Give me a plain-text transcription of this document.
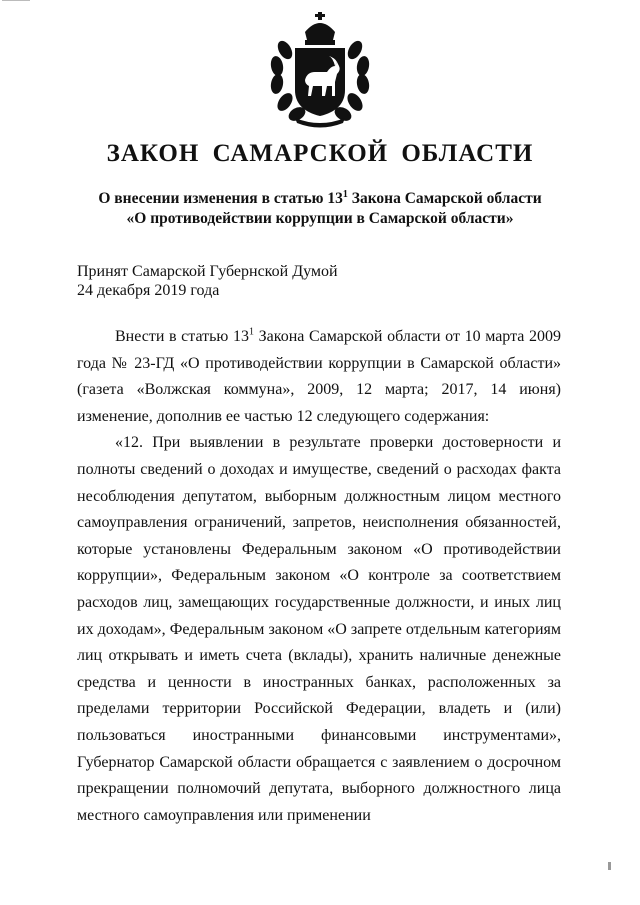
ЗАКОН САМАРСКОЙ ОБЛАСТИ
О внесении изменения в статью $13^1$ Закона Самарской области
«О противодействии коррупции в Самарской области»
Принят Самарской Губернской Думой
24 декабря 2019 года

Внести в статью $13^1$ Закона Самарской области от 10 марта 2009 года № 23-ГД «О противодействии коррупции в Самарской области» (газета «Волжская коммуна», 2009, 12 марта; 2017, 14 июня) изменение, дополнив ее частью 12 следующего содержания:

«12. При выявлении в результате проверки достоверности и полноты сведений о доходах и имуществе, сведений о расходах факта несоблюдения депутатом, выборным должностным лицом местного самоуправления ограничений, запретов, неисполнения обязанностей, которые установлены Федеральным законом «О противодействии коррупции», Федеральным законом «О контроле за соответствием расходов лиц, замещающих государственные должности, и иных лиц их доходам», Федеральным законом «О запрете отдельным категориям лиц открывать и иметь счета (вклады), хранить наличные денежные средства и ценности в иностранных банках, расположенных за пределами территории Российской Федерации, владеть и (или) пользоваться иностранными финансовыми инструментами», Губернатор Самарской области обращается с заявлением о досрочном прекращении полномочий депутата, выборного должностного лица местного самоуправления или применении
